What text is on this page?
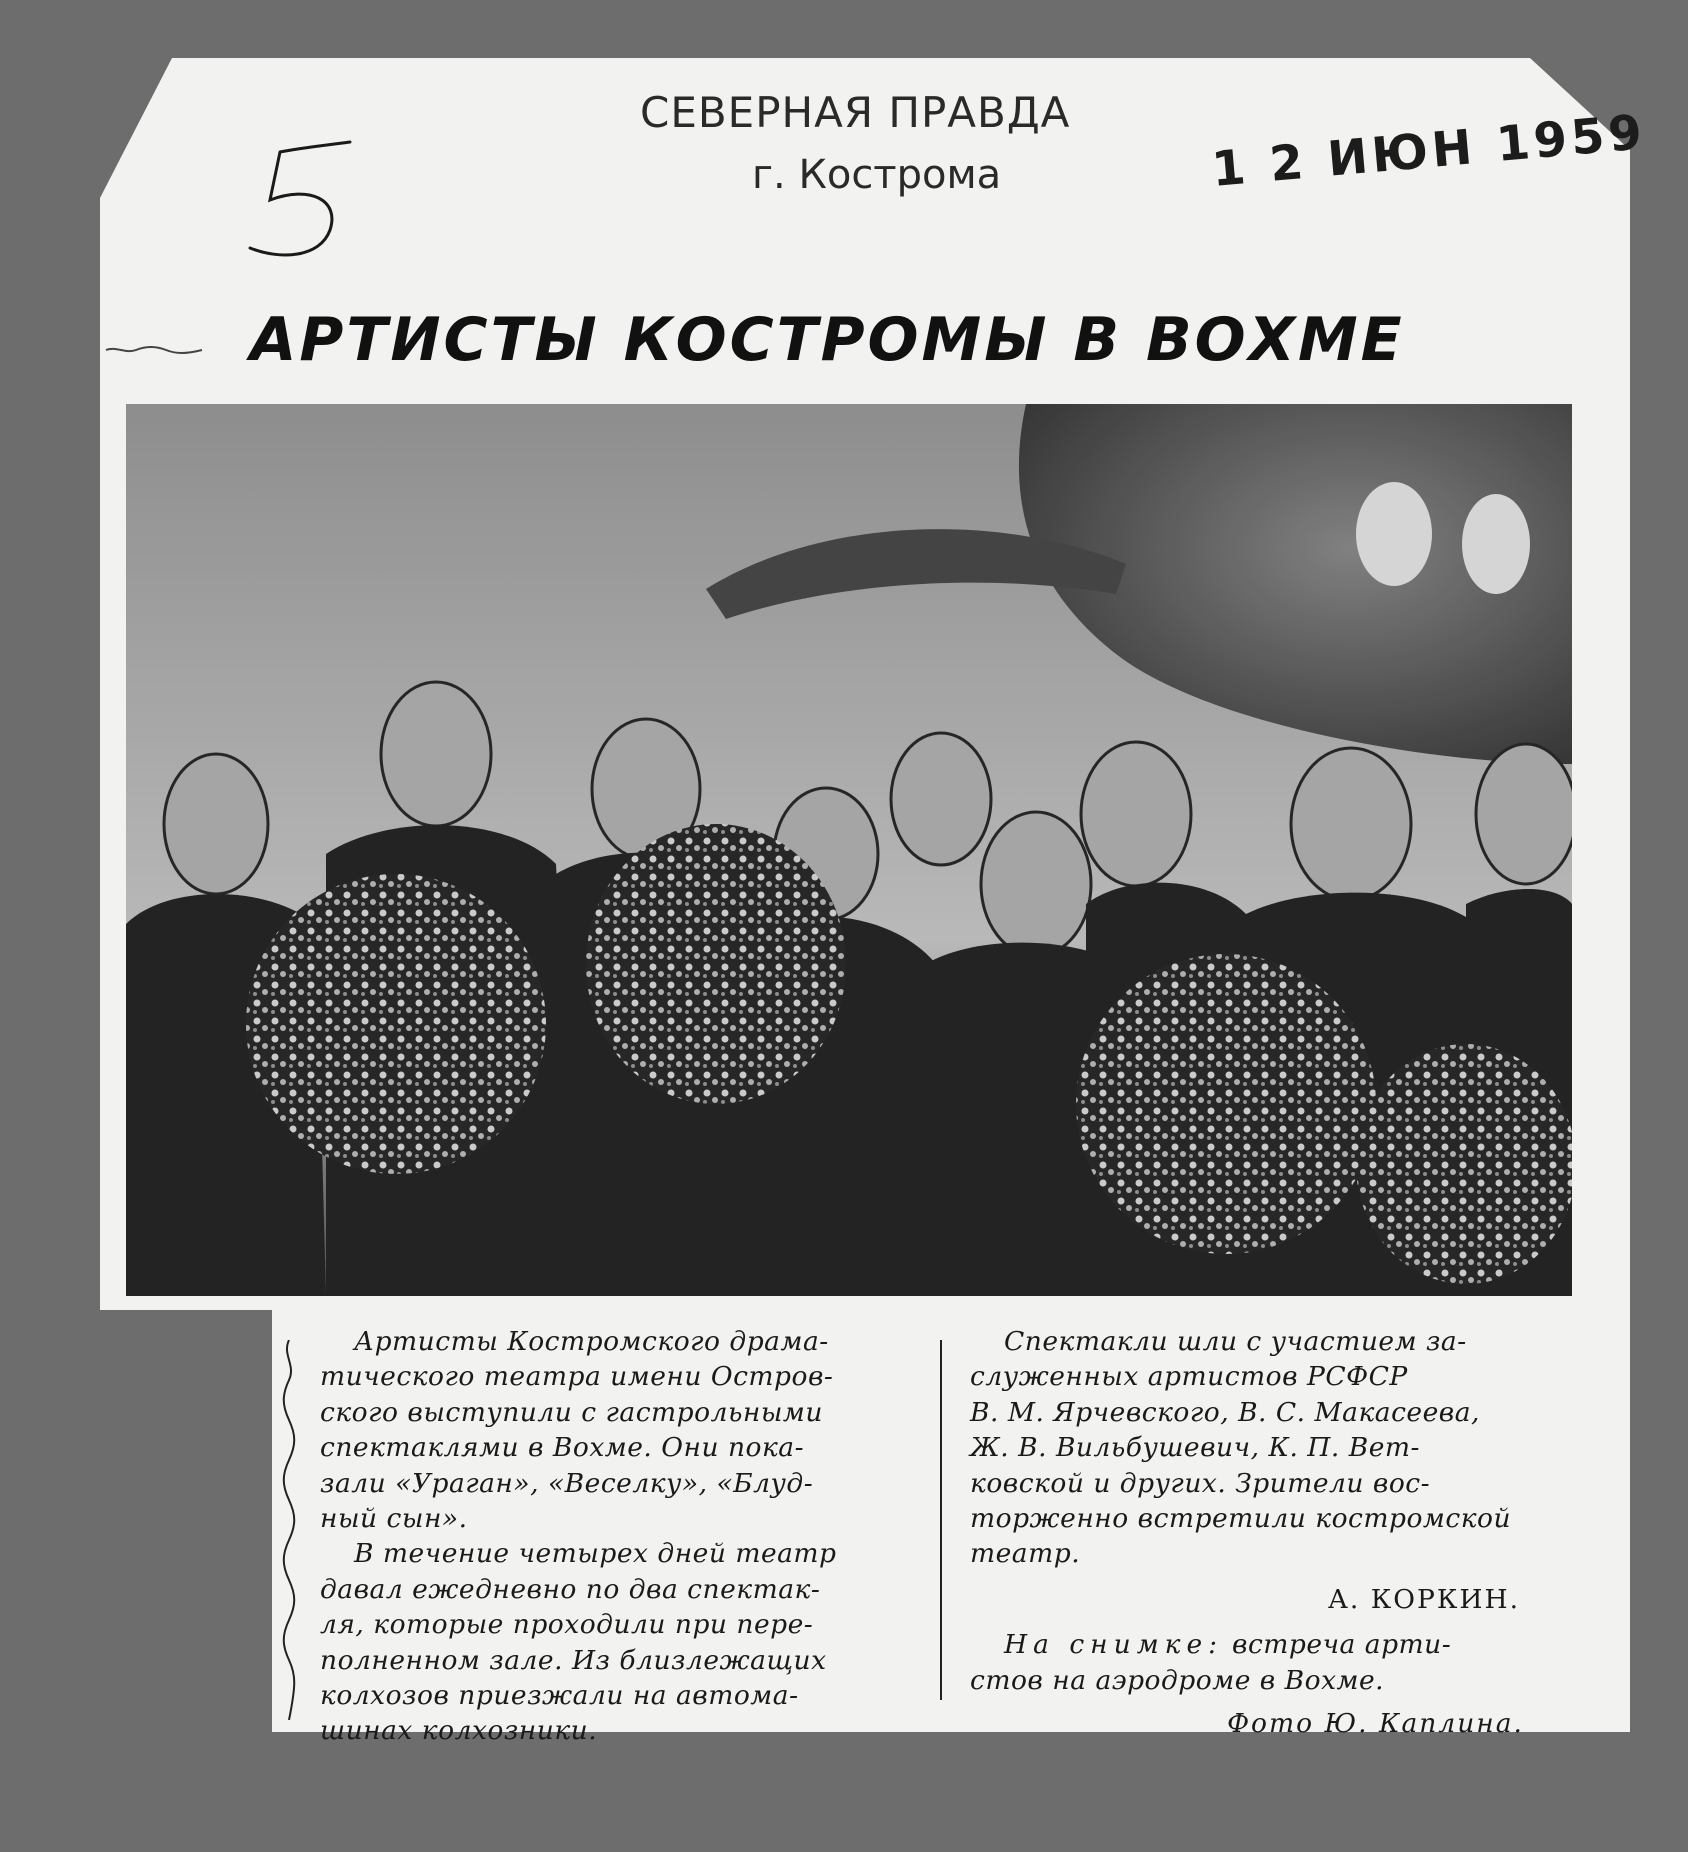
СЕВЕРНАЯ ПРАВДА
г. Кострома	1 2 ИЮН 1959
АРТИСТЫ КОСТРОМЫ В ВОХМЕ
Артисты Костромского драма-
тического театра имени Остров-
ского выступили с гастрольными
спектаклями в Вохме. Они пока-
зали «Ураган», «Веселку», «Блуд-
ный сын».
В течение четырех дней театр
давал ежедневно по два спектак-
ля, которые проходили при пере-
полненном зале. Из близлежащих
колхозов приезжали на автома-
шинах колхозники.
Спектакли шли с участием за-
служенных артистов РСФСР
В. М. Ярчевского, В. С. Макасеева,
Ж. В. Вильбушевич, К. П. Вет-
ковской и других. Зрители вос-
торженно встретили костромской
театр.
А. КОРКИН.
На снимке: встреча арти-
стов на аэродроме в Вохме.
Фото Ю. Каплина.
